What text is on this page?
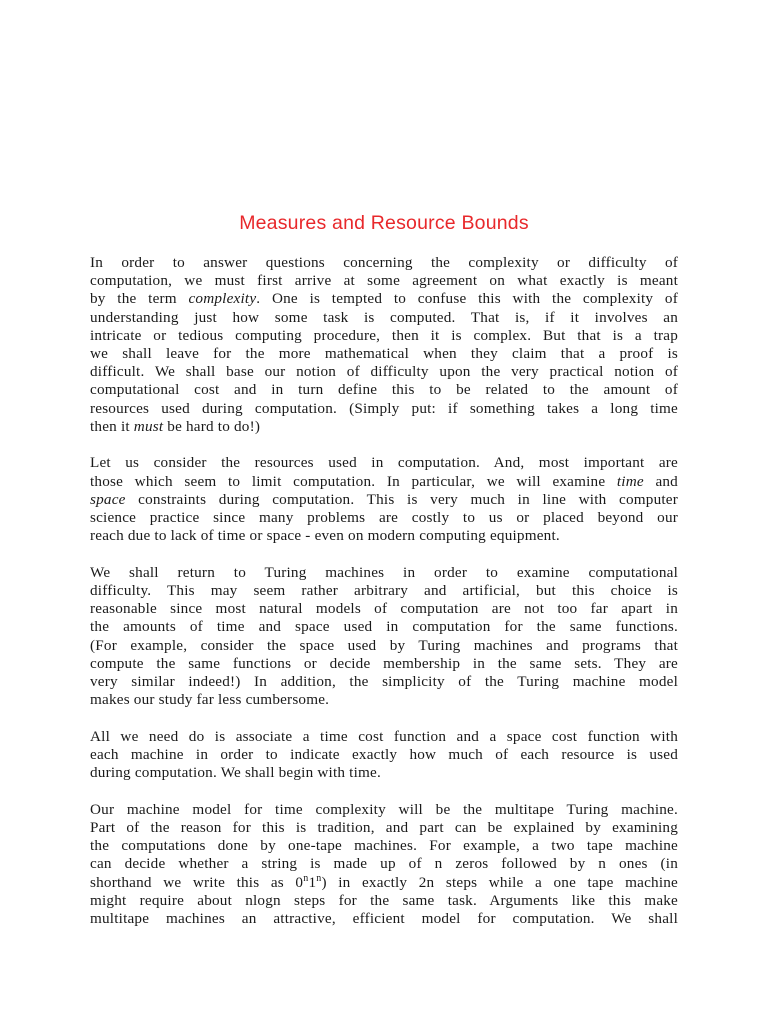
Measures and Resource Bounds
In order to answer questions concerning the complexity or difficulty of
computation, we must first arrive at some agreement on what exactly is meant
by the term complexity. One is tempted to confuse this with the complexity of
understanding just how some task is computed. That is, if it involves an
intricate or tedious computing procedure, then it is complex. But that is a trap
we shall leave for the more mathematical when they claim that a proof is
difficult. We shall base our notion of difficulty upon the very practical notion of
computational cost and in turn define this to be related to the amount of
resources used during computation. (Simply put: if something takes a long time
then it must be hard to do!)
Let us consider the resources used in computation. And, most important are
those which seem to limit computation. In particular, we will examine time and
space constraints during computation. This is very much in line with computer
science practice since many problems are costly to us or placed beyond our
reach due to lack of time or space - even on modern computing equipment.
We shall return to Turing machines in order to examine computational
difficulty. This may seem rather arbitrary and artificial, but this choice is
reasonable since most natural models of computation are not too far apart in
the amounts of time and space used in computation for the same functions.
(For example, consider the space used by Turing machines and programs that
compute the same functions or decide membership in the same sets. They are
very similar indeed!) In addition, the simplicity of the Turing machine model
makes our study far less cumbersome.
All we need do is associate a time cost function and a space cost function with
each machine in order to indicate exactly how much of each resource is used
during computation. We shall begin with time.
Our machine model for time complexity will be the multitape Turing machine.
Part of the reason for this is tradition, and part can be explained by examining
the computations done by one-tape machines. For example, a two tape machine
can decide whether a string is made up of n zeros followed by n ones (in
shorthand we write this as 0$^n$1$^n$) in exactly 2n steps while a one tape machine
might require about nlogn steps for the same task. Arguments like this make
multitape machines an attractive, efficient model for computation. We shall
